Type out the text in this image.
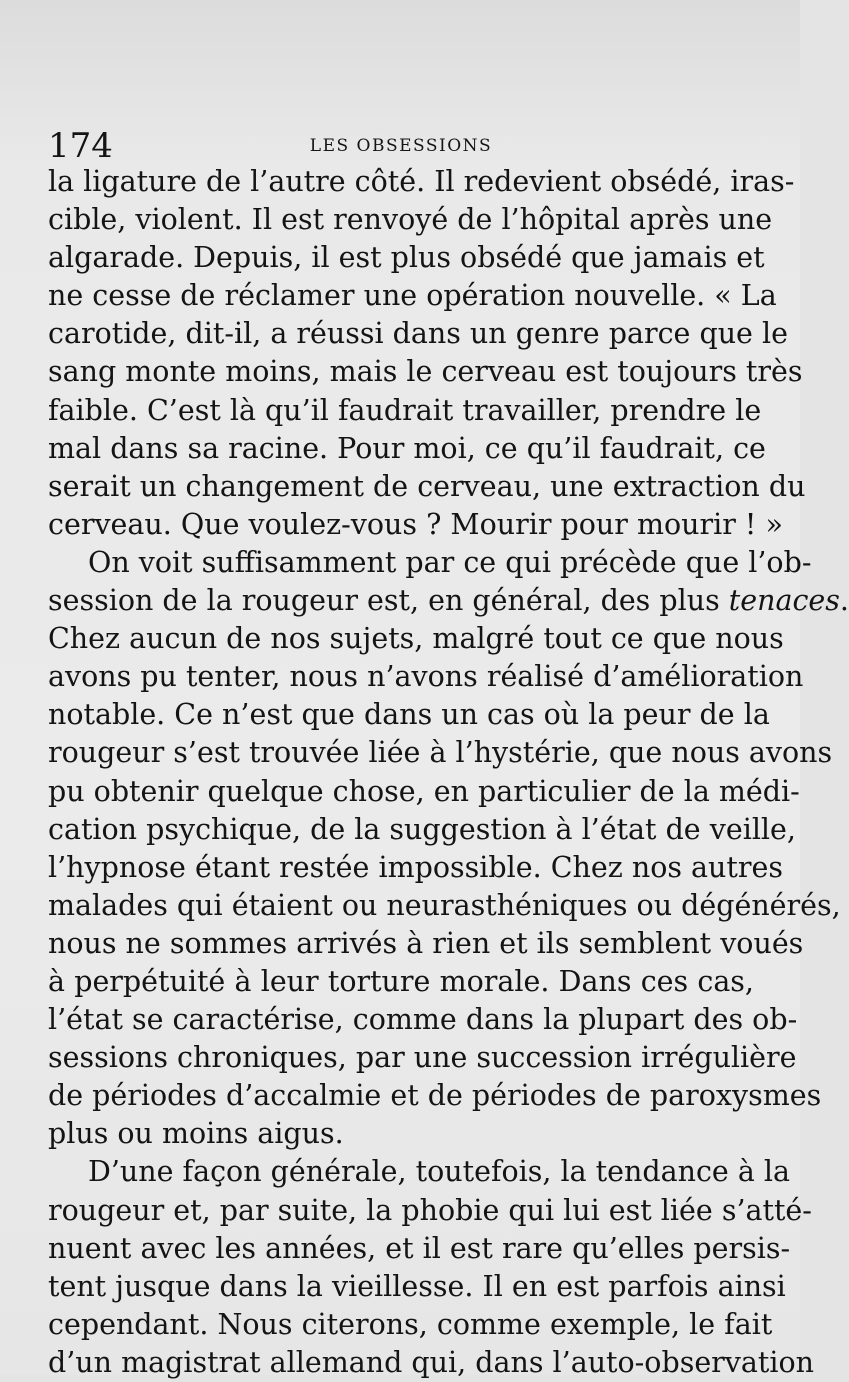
174	LES OBSESSIONS
la ligature de l’autre côté. Il redevient obsédé, iras-
cible, violent. Il est renvoyé de l’hôpital après une
algarade. Depuis, il est plus obsédé que jamais et
ne cesse de réclamer une opération nouvelle. « La
carotide, dit-il, a réussi dans un genre parce que le
sang monte moins, mais le cerveau est toujours très
faible. C’est là qu’il faudrait travailler, prendre le
mal dans sa racine. Pour moi, ce qu’il faudrait, ce
serait un changement de cerveau, une extraction du
cerveau. Que voulez-vous ? Mourir pour mourir ! »
On voit suffisamment par ce qui précède que l’ob-
session de la rougeur est, en général, des plus tenaces.
Chez aucun de nos sujets, malgré tout ce que nous
avons pu tenter, nous n’avons réalisé d’amélioration
notable. Ce n’est que dans un cas où la peur de la
rougeur s’est trouvée liée à l’hystérie, que nous avons
pu obtenir quelque chose, en particulier de la médi-
cation psychique, de la suggestion à l’état de veille,
l’hypnose étant restée impossible. Chez nos autres
malades qui étaient ou neurasthéniques ou dégénérés,
nous ne sommes arrivés à rien et ils semblent voués
à perpétuité à leur torture morale. Dans ces cas,
l’état se caractérise, comme dans la plupart des ob-
sessions chroniques, par une succession irrégulière
de périodes d’accalmie et de périodes de paroxysmes
plus ou moins aigus.
D’une façon générale, toutefois, la tendance à la
rougeur et, par suite, la phobie qui lui est liée s’atté-
nuent avec les années, et il est rare qu’elles persis-
tent jusque dans la vieillesse. Il en est parfois ainsi
cependant. Nous citerons, comme exemple, le fait
d’un magistrat allemand qui, dans l’auto-observation
